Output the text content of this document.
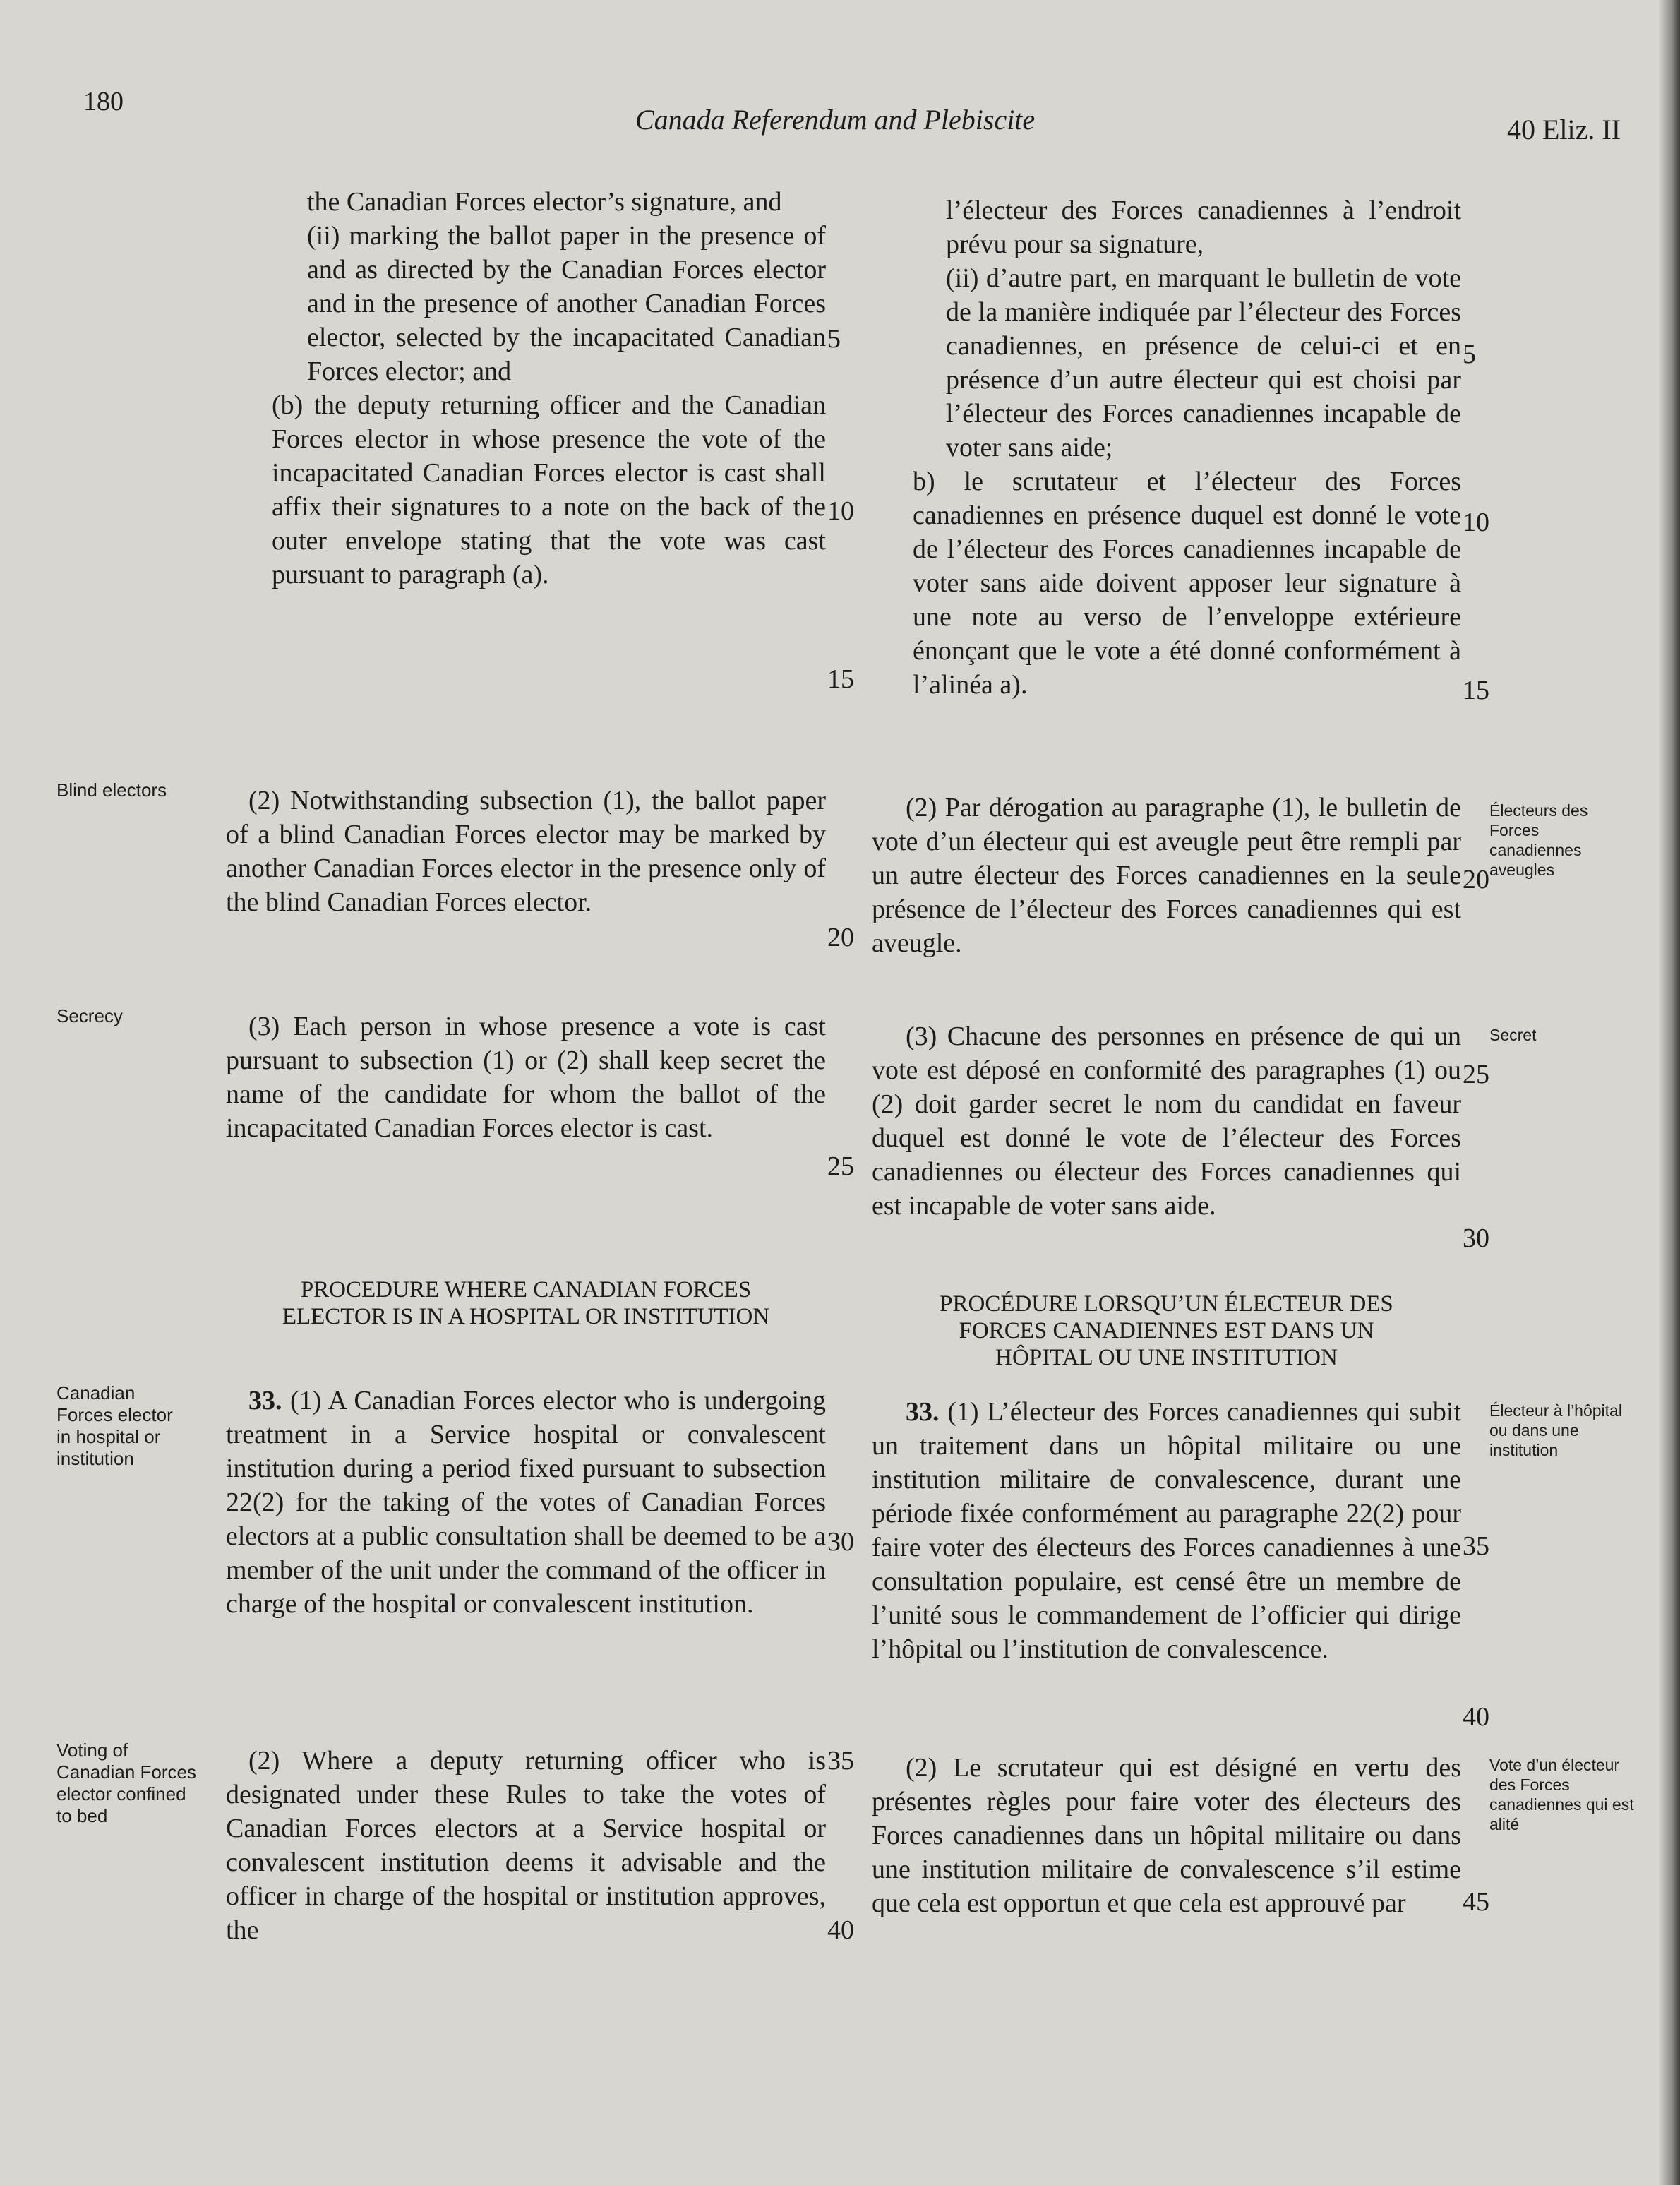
180
Canada Referendum and Plebiscite	40 Eliz. II

the Canadian Forces elector’s signature, and

(ii) marking the ballot paper in the presence of and as directed by the Canadian Forces elector and in the presence of another Canadian Forces elector, selected by the incapacitated Canadian Forces elector; and

(b) the deputy returning officer and the Canadian Forces elector in whose presence the vote of the incapacitated Canadian Forces elector is cast shall affix their signatures to a note on the back of the outer envelope stating that the vote was cast pursuant to paragraph (a).

(2) Notwithstanding subsection (1), the ballot paper of a blind Canadian Forces elector may be marked by another Canadian Forces elector in the presence only of the blind Canadian Forces elector.

(3) Each person in whose presence a vote is cast pursuant to subsection (1) or (2) shall keep secret the name of the candidate for whom the ballot of the incapacitated Canadian Forces elector is cast.

PROCEDURE WHERE CANADIAN FORCES
ELECTOR IS IN A HOSPITAL OR INSTITUTION

33. (1) A Canadian Forces elector who is undergoing treatment in a Service hospital or convalescent institution during a period fixed pursuant to subsection 22(2) for the taking of the votes of Canadian Forces electors at a public consultation shall be deemed to be a member of the unit under the command of the officer in charge of the hospital or convalescent institution.

(2) Where a deputy returning officer who is designated under these Rules to take the votes of Canadian Forces electors at a Service hospital or convalescent institution deems it advisable and the officer in charge of the hospital or institution approves, the

l’électeur des Forces canadiennes à l’endroit prévu pour sa signature,

(ii) d’autre part, en marquant le bulletin de vote de la manière indiquée par l’électeur des Forces canadiennes, en présence de celui-ci et en présence d’un autre électeur qui est choisi par l’électeur des Forces canadiennes incapable de voter sans aide;

b) le scrutateur et l’électeur des Forces canadiennes en présence duquel est donné le vote de l’électeur des Forces canadiennes incapable de voter sans aide doivent apposer leur signature à une note au verso de l’enveloppe extérieure énonçant que le vote a été donné conformément à l’alinéa a).

(2) Par dérogation au paragraphe (1), le bulletin de vote d’un électeur qui est aveugle peut être rempli par un autre électeur des Forces canadiennes en la seule présence de l’électeur des Forces canadiennes qui est aveugle.

(3) Chacune des personnes en présence de qui un vote est déposé en conformité des paragraphes (1) ou (2) doit garder secret le nom du candidat en faveur duquel est donné le vote de l’électeur des Forces canadiennes ou électeur des Forces canadiennes qui est incapable de voter sans aide.

PROCÉDURE LORSQU’UN ÉLECTEUR DES
FORCES CANADIENNES EST DANS UN
HÔPITAL OU UNE INSTITUTION

33. (1) L’électeur des Forces canadiennes qui subit un traitement dans un hôpital militaire ou une institution militaire de convalescence, durant une période fixée conformément au paragraphe 22(2) pour faire voter des électeurs des Forces canadiennes à une consultation populaire, est censé être un membre de l’unité sous le commandement de l’officier qui dirige l’hôpital ou l’institution de convalescence.

(2) Le scrutateur qui est désigné en vertu des présentes règles pour faire voter des électeurs des Forces canadiennes dans un hôpital militaire ou dans une institution militaire de convalescence s’il estime que cela est opportun et que cela est approuvé par

5
10
15
20
25
30
35
40
5
10
15
20
25
30
35
40
45
Blind electors
Secrecy
Canadian Forces elector in hospital or institution
Voting of Canadian Forces elector confined to bed
Électeurs des Forces canadiennes aveugles
Secret
Électeur à l’hôpital ou dans une institution
Vote d’un électeur des Forces canadiennes qui est alité
